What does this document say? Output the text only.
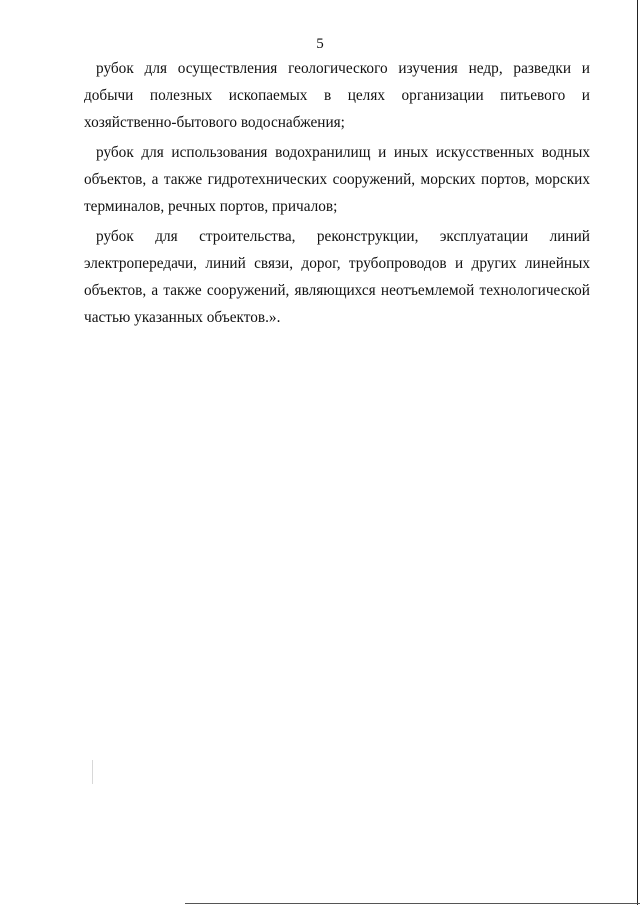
5

рубок для осуществления геологического изучения недр, разведки и добычи полезных ископаемых в целях организации питьевого и хозяйственно-бытового водоснабжения;

рубок для использования водохранилищ и иных искусственных водных объектов, а также гидротехнических сооружений, морских портов, морских терминалов, речных портов, причалов;

рубок для строительства, реконструкции, эксплуатации линий электропередачи, линий связи, дорог, трубопроводов и других линейных объектов, а также сооружений, являющихся неотъемлемой технологической частью указанных объектов.».
